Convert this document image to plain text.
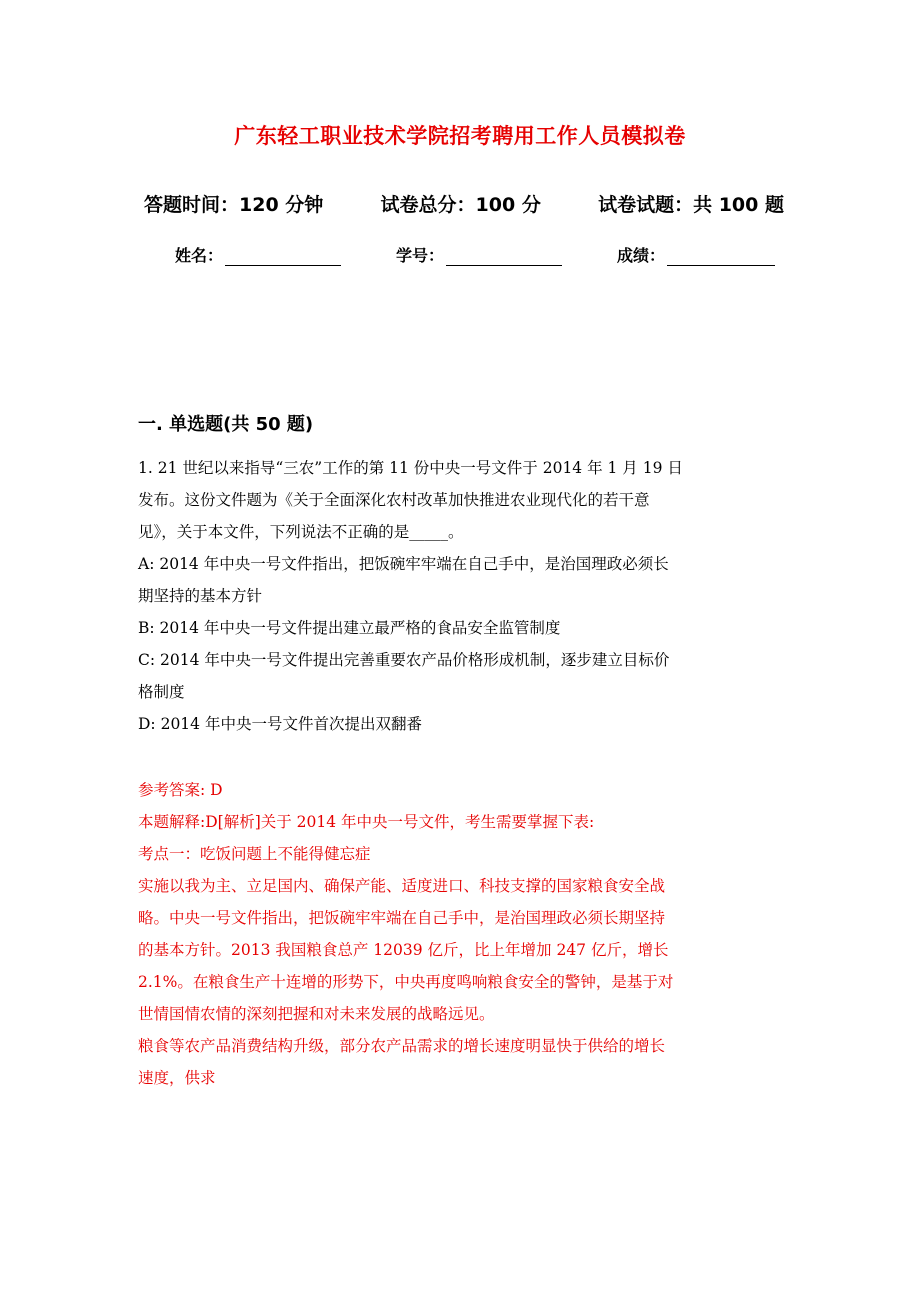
广东轻工职业技术学院招考聘用工作人员模拟卷
答题时间：120 分钟	试卷总分：100 分	试卷试题：共 100 题
姓名：	学号：	成绩：
一. 单选题(共 50 题)

1. 21 世纪以来指导“三农”工作的第 11 份中央一号文件于 2014 年 1 月 19 日

发布。这份文件题为《关于全面深化农村改革加快推进农业现代化的若干意

见》，关于本文件，下列说法不正确的是_____。

A: 2014 年中央一号文件指出，把饭碗牢牢端在自己手中，是治国理政必须长

期坚持的基本方针

B: 2014 年中央一号文件提出建立最严格的食品安全监管制度

C: 2014 年中央一号文件提出完善重要农产品价格形成机制，逐步建立目标价

格制度

D: 2014 年中央一号文件首次提出双翻番

参考答案: D

本题解释:D[解析]关于 2014 年中央一号文件，考生需要掌握下表:

考点一：吃饭问题上不能得健忘症

实施以我为主、立足国内、确保产能、适度进口、科技支撑的国家粮食安全战

略。中央一号文件指出，把饭碗牢牢端在自己手中，是治国理政必须长期坚持

的基本方针。2013 我国粮食总产 12039 亿斤，比上年增加 247 亿斤，增长

2.1%。在粮食生产十连增的形势下，中央再度鸣响粮食安全的警钟，是基于对

世情国情农情的深刻把握和对未来发展的战略远见。

粮食等农产品消费结构升级，部分农产品需求的增长速度明显快于供给的增长

速度，供求
